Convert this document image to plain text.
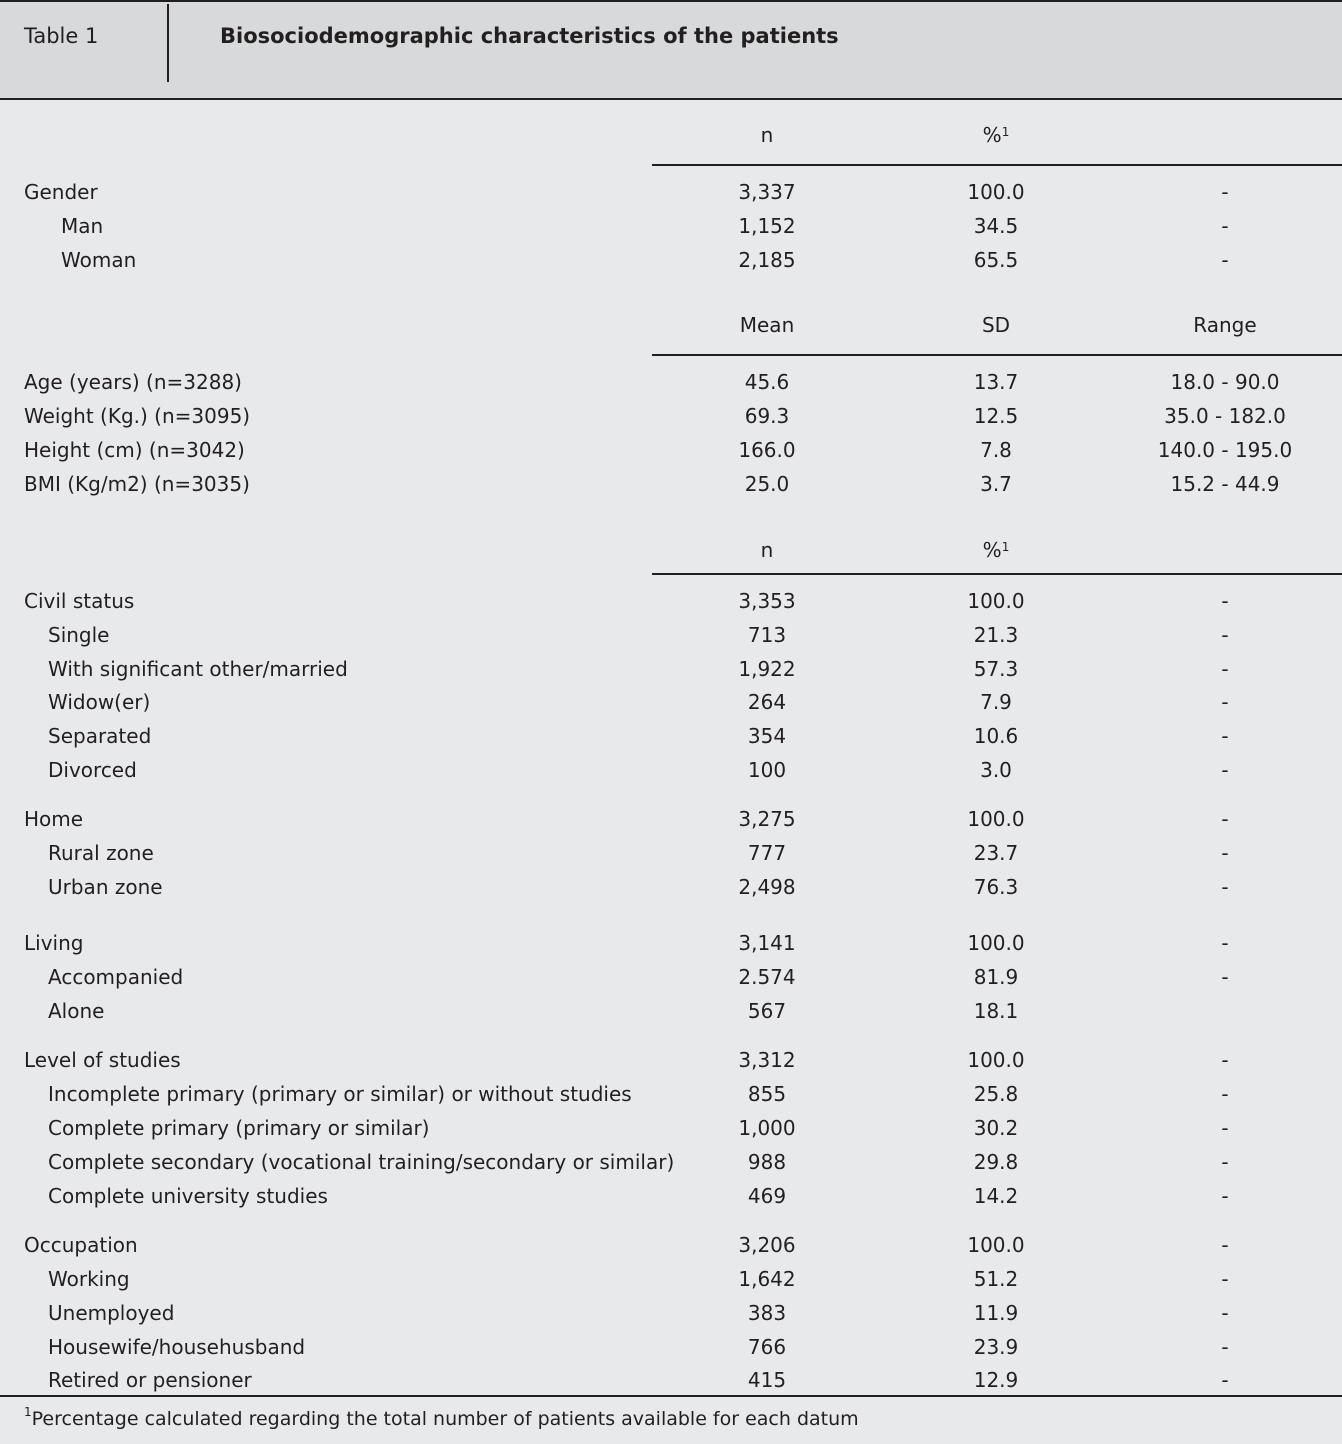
Table 1	Biosociodemographic characteristics of the patients
n	%$^1$
Gender	3,337	100.0	-
Man	1,152	34.5	-
Woman	2,185	65.5	-
Mean	SD	Range
Age (years) (n=3288)	45.6	13.7	18.0 - 90.0
Weight (Kg.) (n=3095)	69.3	12.5	35.0 - 182.0
Height (cm) (n=3042)	166.0	7.8	140.0 - 195.0
BMI (Kg/m2) (n=3035)	25.0	3.7	15.2 - 44.9
n	%$^1$
Civil status	3,353	100.0	-
Single	713	21.3	-
With significant other/married	1,922	57.3	-
Widow(er)	264	7.9	-
Separated	354	10.6	-
Divorced	100	3.0	-
Home	3,275	100.0	-
Rural zone	777	23.7	-
Urban zone	2,498	76.3	-
Living	3,141	100.0	-
Accompanied	2.574	81.9	-
Alone	567	18.1
Level of studies	3,312	100.0	-
Incomplete primary (primary or similar) or without studies	855	25.8	-
Complete primary (primary or similar)	1,000	30.2	-
Complete secondary (vocational training/secondary or similar)	988	29.8	-
Complete university studies	469	14.2	-
Occupation	3,206	100.0	-
Working	1,642	51.2	-
Unemployed	383	11.9	-
Housewife/househusband	766	23.9	-
Retired or pensioner	415	12.9	-
$^1$Percentage calculated regarding the total number of patients available for each datum
